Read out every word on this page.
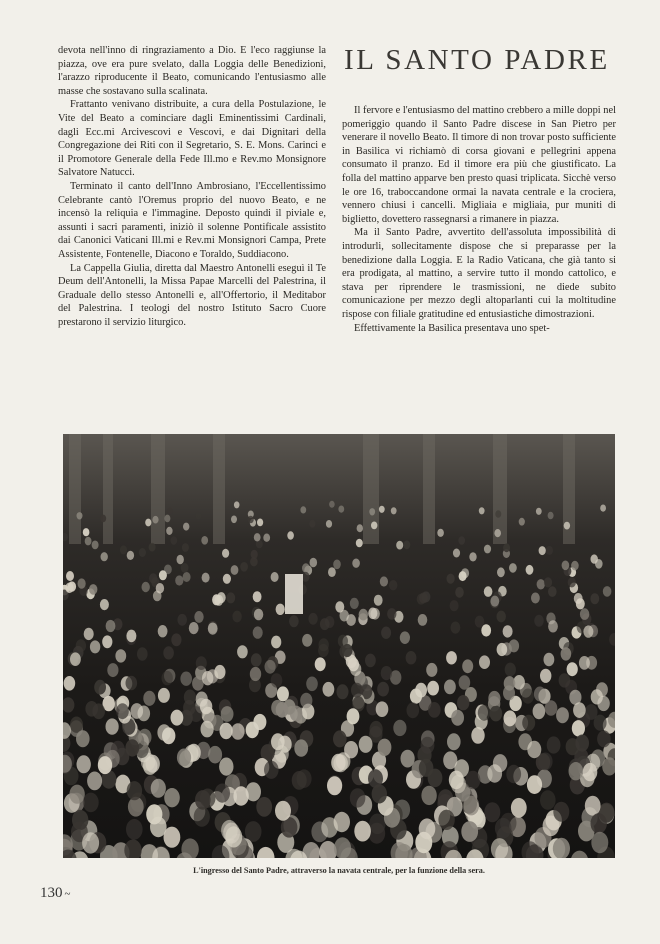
devota nell'inno di ringraziamento a Dio. E l'eco raggiunse la piazza, ove era pure svelato, dalla Loggia delle Benedizioni, l'arazzo riproducente il Beato, comunicando l'entusiasmo alle masse che sostavano sulla scalinata.

Frattanto venivano distribuite, a cura della Postulazione, le Vite del Beato a cominciare dagli Eminentissimi Cardinali, dagli Ecc.mi Arcivescovi e Vescovi, e dai Dignitari della Congregazione dei Riti con il Segretario, S. E. Mons. Carinci e il Promotore Generale della Fede Ill.mo e Rev.mo Monsignore Salvatore Natucci.

Terminato il canto dell'Inno Ambrosiano, l'Eccellentissimo Celebrante cantò l'Oremus proprio del nuovo Beato, e ne incensò la reliquia e l'immagine. Deposto quindi il piviale e, assunti i sacri paramenti, iniziò il solenne Pontificale assistito dai Canonici Vaticani Ill.mi e Rev.mi Monsignori Campa, Prete Assistente, Fontenelle, Diacono e Toraldo, Suddiacono.

La Cappella Giulia, diretta dal Maestro Antonelli eseguì il Te Deum dell'Antonelli, la Missa Papae Marcelli del Palestrina, il Graduale dello stesso Antonelli e, all'Offertorio, il Meditabor del Palestrina. I teologi del nostro Istituto Sacro Cuore prestarono il servizio liturgico.

IL SANTO PADRE

Il fervore e l'entusiasmo del mattino crebbero a mille doppi nel pomeriggio quando il Santo Padre discese in San Pietro per venerare il novello Beato. Il timore di non trovar posto sufficiente in Basilica vi richiamò di corsa giovani e pellegrini appena consumato il pranzo. Ed il timore era più che giustificato. La folla del mattino apparve ben presto quasi triplicata. Sicchè verso le ore 16, traboccandone ormai la navata centrale e la crociera, vennero chiusi i cancelli. Migliaia e migliaia, pur muniti di biglietto, dovettero rassegnarsi a rimanere in piazza.

Ma il Santo Padre, avvertito dell'assoluta impossibilità di introdurli, sollecitamente dispose che si preparasse per la benedizione dalla Loggia. E la Radio Vaticana, che già tanto si era prodigata, al mattino, a servire tutto il mondo cattolico, e stava per riprendere le trasmissioni, ne diede subito comunicazione per mezzo degli altoparlanti cui la moltitudine rispose con filiale gratitudine ed entusiastiche dimostrazioni.

Effettivamente la Basilica presentava uno spet-

L'ingresso del Santo Padre, attraverso la navata centrale, per la funzione della sera.
130 ~
